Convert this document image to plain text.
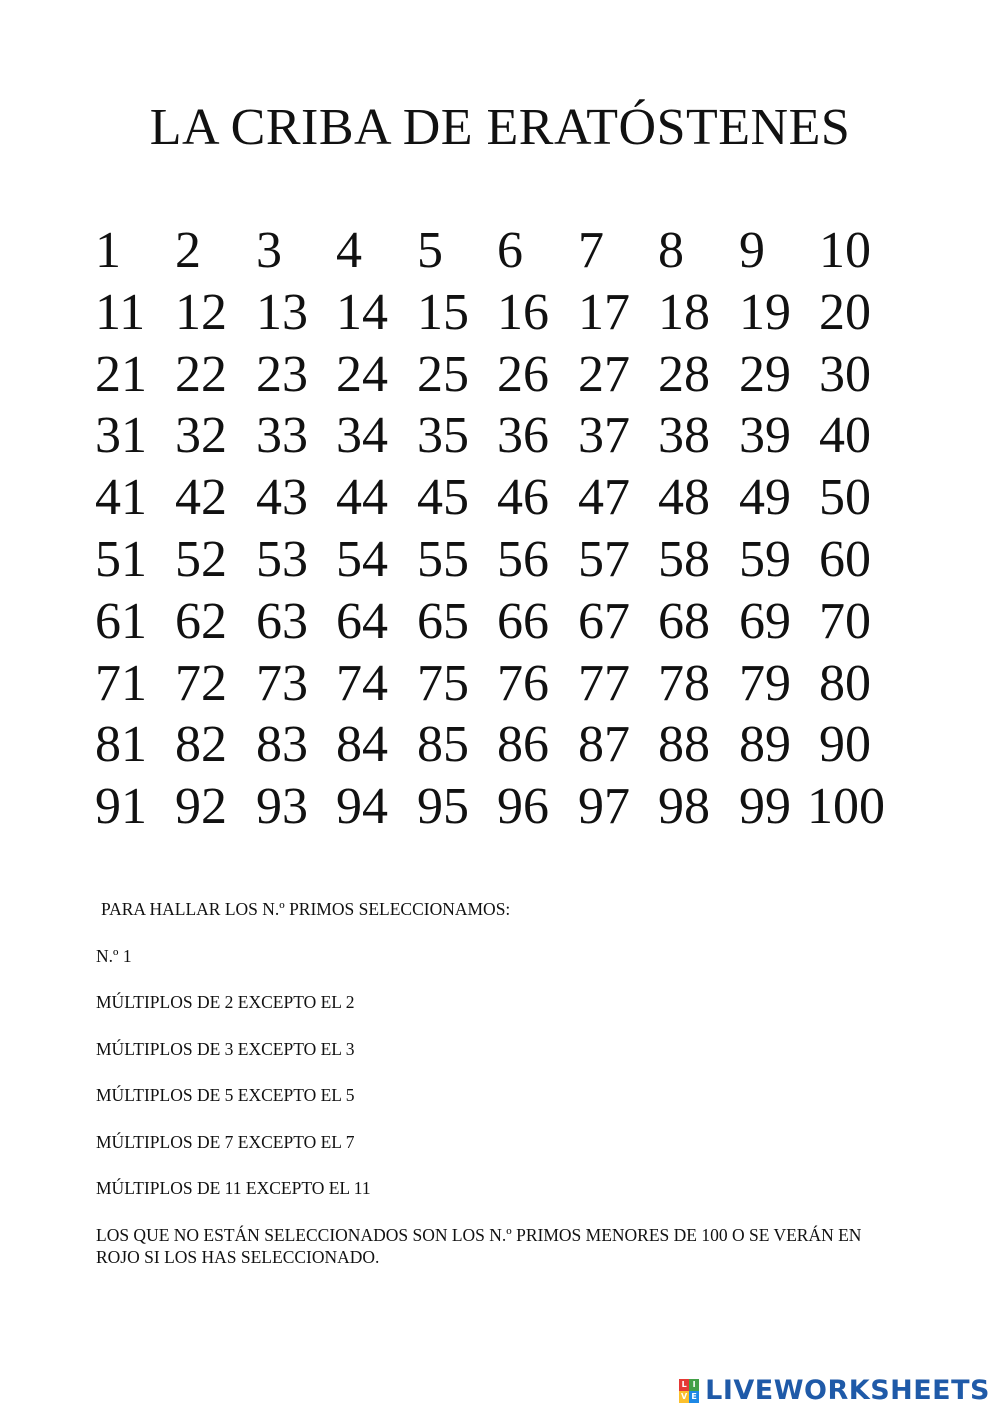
LA CRIBA DE ERATÓSTENES
1 2 3 4 5 6 7 8 9 10
11 12 13 14 15 16 17 18 19 20
21 22 23 24 25 26 27 28 29 30
31 32 33 34 35 36 37 38 39 40
41 42 43 44 45 46 47 48 49 50
51 52 53 54 55 56 57 58 59 60
61 62 63 64 65 66 67 68 69 70
71 72 73 74 75 76 77 78 79 80
81 82 83 84 85 86 87 88 89 90
91 92 93 94 95 96 97 98 99 100

PARA HALLAR LOS N.º PRIMOS SELECCIONAMOS:

N.º 1

MÚLTIPLOS DE 2 EXCEPTO EL 2

MÚLTIPLOS DE 3 EXCEPTO EL 3

MÚLTIPLOS DE 5 EXCEPTO EL 5

MÚLTIPLOS DE 7 EXCEPTO EL 7

MÚLTIPLOS DE 11 EXCEPTO EL 11

LOS QUE NO ESTÁN SELECCIONADOS SON LOS N.º PRIMOS MENORES DE 100 O SE VERÁN EN ROJO SI LOS HAS SELECCIONADO.

L I
V E LIVEWORKSHEETS
